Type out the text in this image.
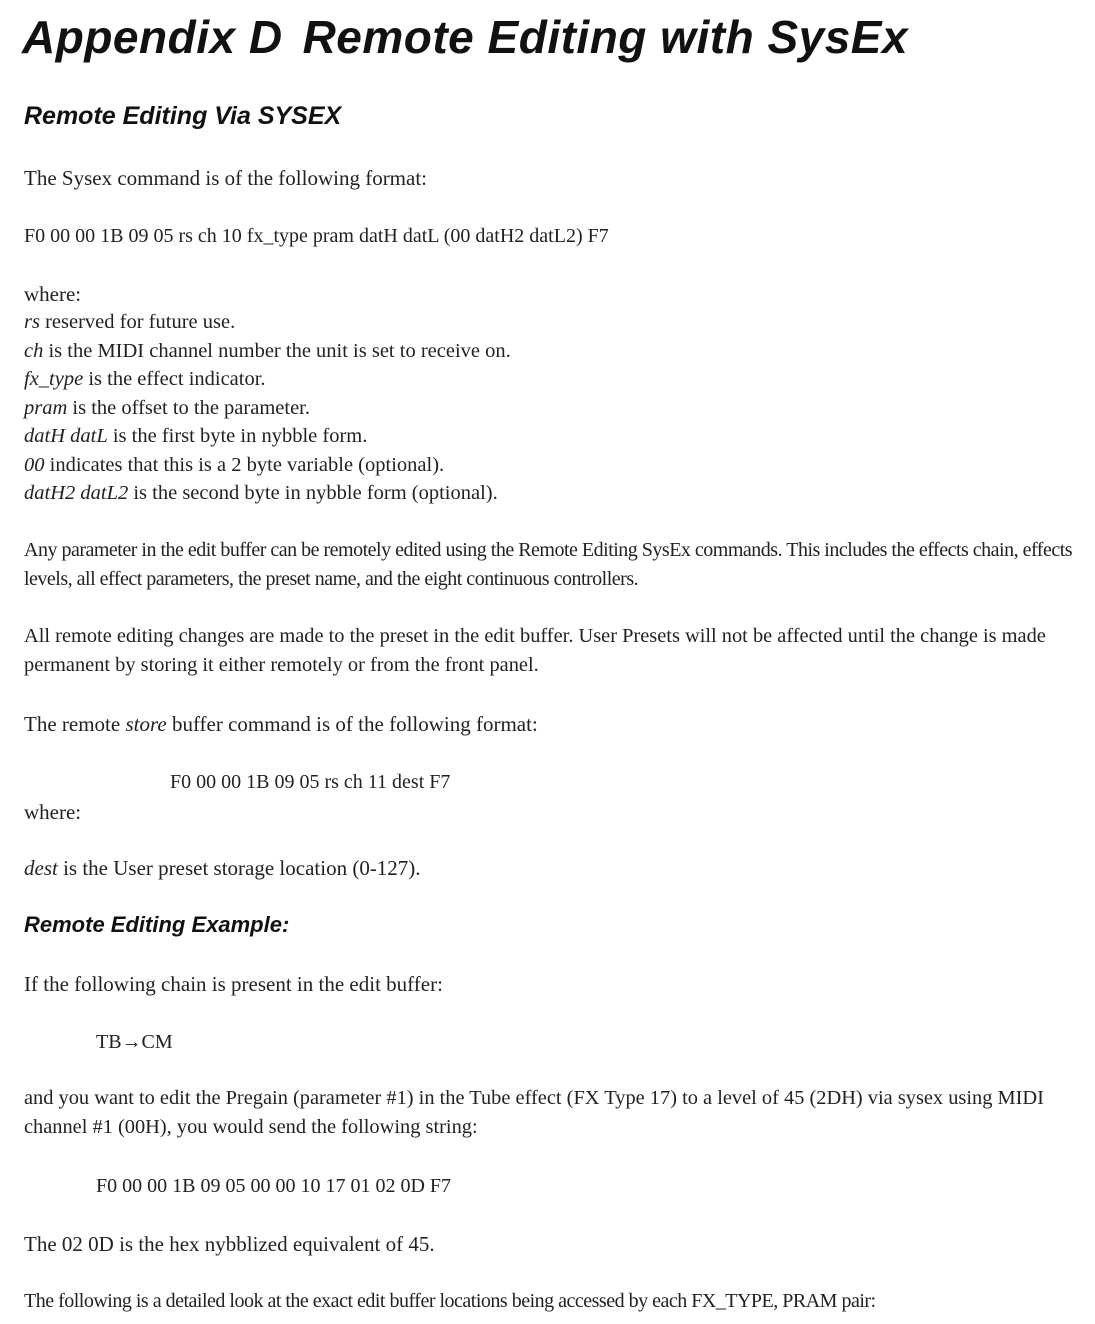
Appendix D Remote Editing with SysEx
Remote Editing Via SYSEX

The Sysex command is of the following format:

F0 00 00 1B 09 05 rs ch 10 fx_type pram datH datL (00 datH2 datL2) F7

where:

rs reserved for future use.

ch is the MIDI channel number the unit is set to receive on.

fx_type is the effect indicator.

pram is the offset to the parameter.

datH datL is the first byte in nybble form.

00 indicates that this is a 2 byte variable (optional).

datH2 datL2 is the second byte in nybble form (optional).

Any parameter in the edit buffer can be remotely edited using the Remote Editing SysEx commands. This includes the effects chain, effects levels, all effect parameters, the preset name, and the eight continuous controllers.

All remote editing changes are made to the preset in the edit buffer. User Presets will not be affected until the change is made permanent by storing it either remotely or from the front panel.

The remote store buffer command is of the following format:

F0 00 00 1B 09 05 rs ch 11 dest F7

where:

dest is the User preset storage location (0-127).

Remote Editing Example:

If the following chain is present in the edit buffer:

TB→CM

and you want to edit the Pregain (parameter #1) in the Tube effect (FX Type 17) to a level of 45 (2DH) via sysex using MIDI channel #1 (00H), you would send the following string:

F0 00 00 1B 09 05 00 00 10 17 01 02 0D F7

The 02 0D is the hex nybblized equivalent of 45.

The following is a detailed look at the exact edit buffer locations being accessed by each FX_TYPE, PRAM pair:
